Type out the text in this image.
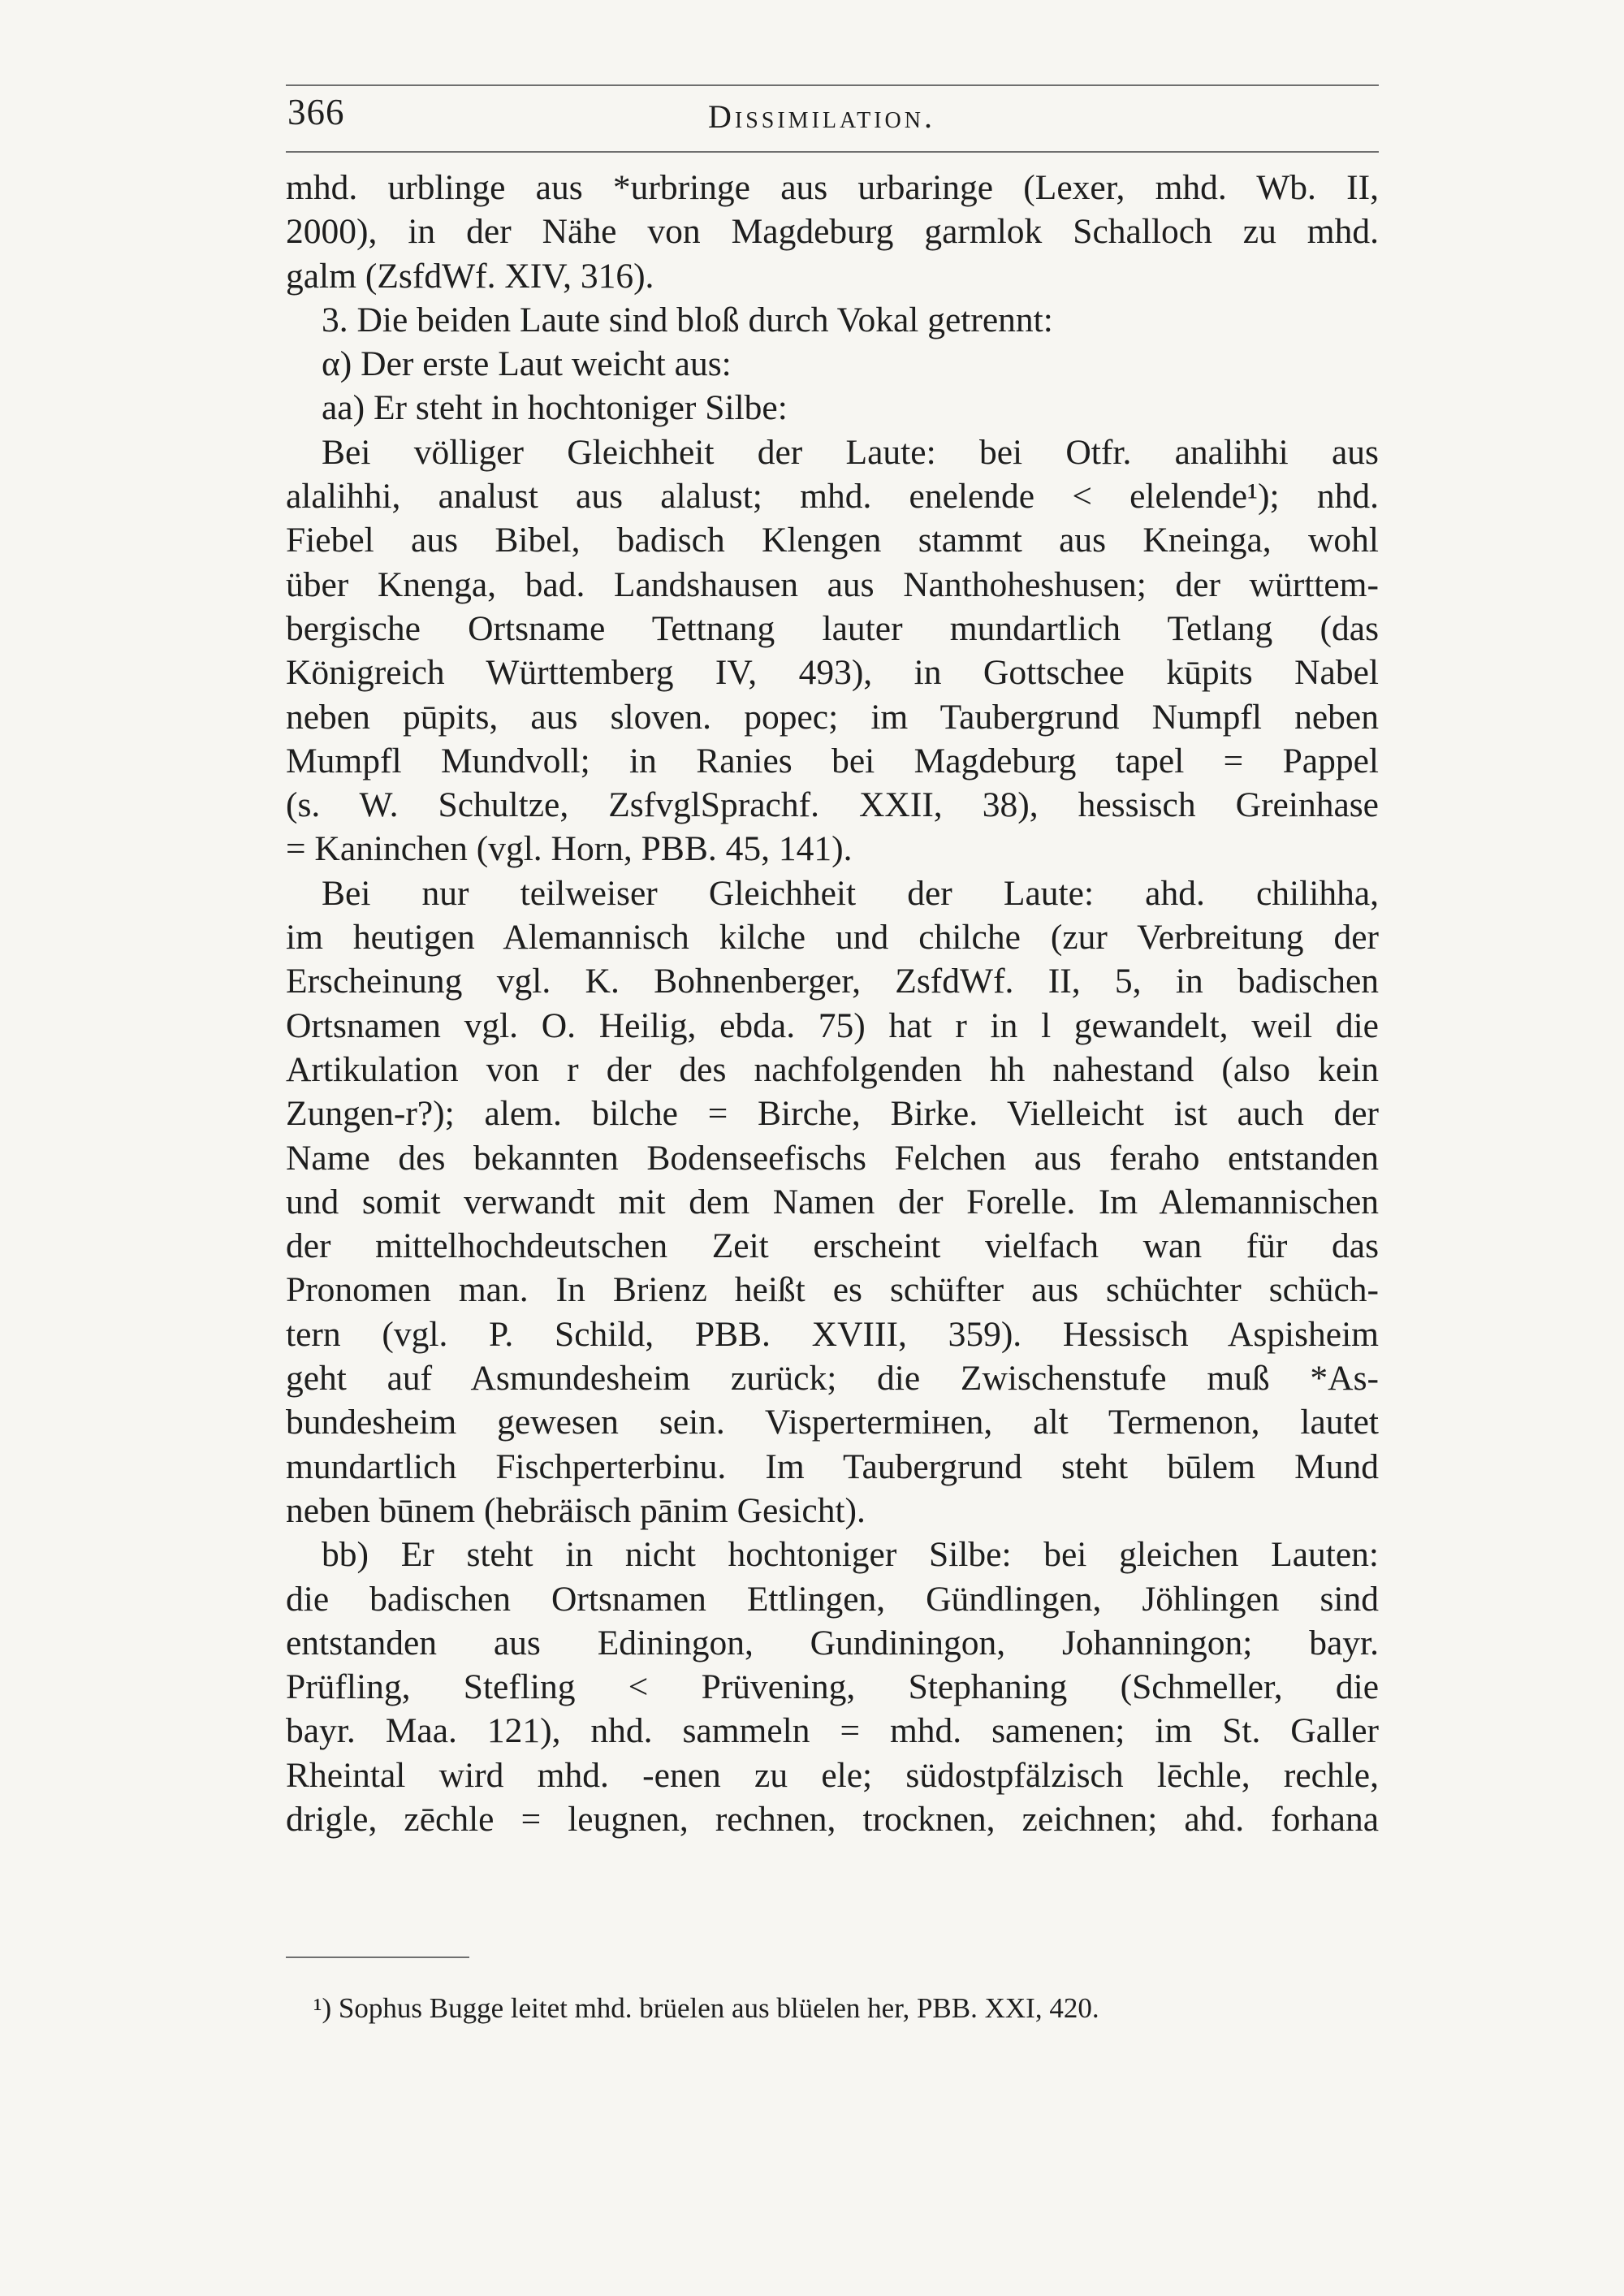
366	Dissimilation.
mhd. urblinge aus *urbringe aus urbaringe (Lexer, mhd. Wb. II,
2000), in der Nähe von Magdeburg garmlok Schalloch zu mhd.
galm (ZsfdWf. XIV, 316).
3. Die beiden Laute sind bloß durch Vokal getrennt:
α) Der erste Laut weicht aus:
aa) Er steht in hochtoniger Silbe:
Bei völliger Gleichheit der Laute: bei Otfr. analihhi aus
alalihhi, analust aus alalust; mhd. enelende < elelende¹); nhd.
Fiebel aus Bibel, badisch Klengen stammt aus Kneinga, wohl
über Knenga, bad. Landshausen aus Nanthoheshusen; der württem-
bergische Ortsname Tettnang lauter mundartlich Tetlang (das
Königreich Württemberg IV, 493), in Gottschee kūpits Nabel
neben pūpits, aus sloven. popec; im Taubergrund Numpfl neben
Mumpfl Mundvoll; in Ranies bei Magdeburg tapel = Pappel
(s. W. Schultze, ZsfvglSprachf. XXII, 38), hessisch Greinhase
= Kaninchen (vgl. Horn, PBB. 45, 141).
Bei nur teilweiser Gleichheit der Laute: ahd. chilihha,
im heutigen Alemannisch kilche und chilche (zur Verbreitung der
Erscheinung vgl. K. Bohnenberger, ZsfdWf. II, 5, in badischen
Ortsnamen vgl. O. Heilig, ebda. 75) hat r in l gewandelt, weil die
Artikulation von r der des nachfolgenden hh nahestand (also kein
Zungen-r?); alem. bilche = Birche, Birke. Vielleicht ist auch der
Name des bekannten Bodenseefischs Felchen aus feraho entstanden
und somit verwandt mit dem Namen der Forelle. Im Alemannischen
der mittelhochdeutschen Zeit erscheint vielfach wan für das
Pronomen man. In Brienz heißt es schüfter aus schüchter schüch-
tern (vgl. P. Schild, PBB. XVIII, 359). Hessisch Aspisheim
geht auf Asmundesheim zurück; die Zwischenstufe muß *As-
bundesheim gewesen sein. Vispertermінen, alt Termenon, lautet
mundartlich Fischperterbinu. Im Taubergrund steht būlem Mund
neben būnem (hebräisch pānim Gesicht).
bb) Er steht in nicht hochtoniger Silbe: bei gleichen Lauten:
die badischen Ortsnamen Ettlingen, Gündlingen, Jöhlingen sind
entstanden aus Ediningon, Gundiningon, Johanningon; bayr.
Prüfling, Stefling < Prüvening, Stephaning (Schmeller, die
bayr. Maa. 121), nhd. sammeln = mhd. samenen; im St. Galler
Rheintal wird mhd. -enen zu ele; südostpfälzisch lēchle, rechle,
drigle, zēchle = leugnen, rechnen, trocknen, zeichnen; ahd. forhana
¹) Sophus Bugge leitet mhd. brüelen aus blüelen her, PBB. XXI, 420.
